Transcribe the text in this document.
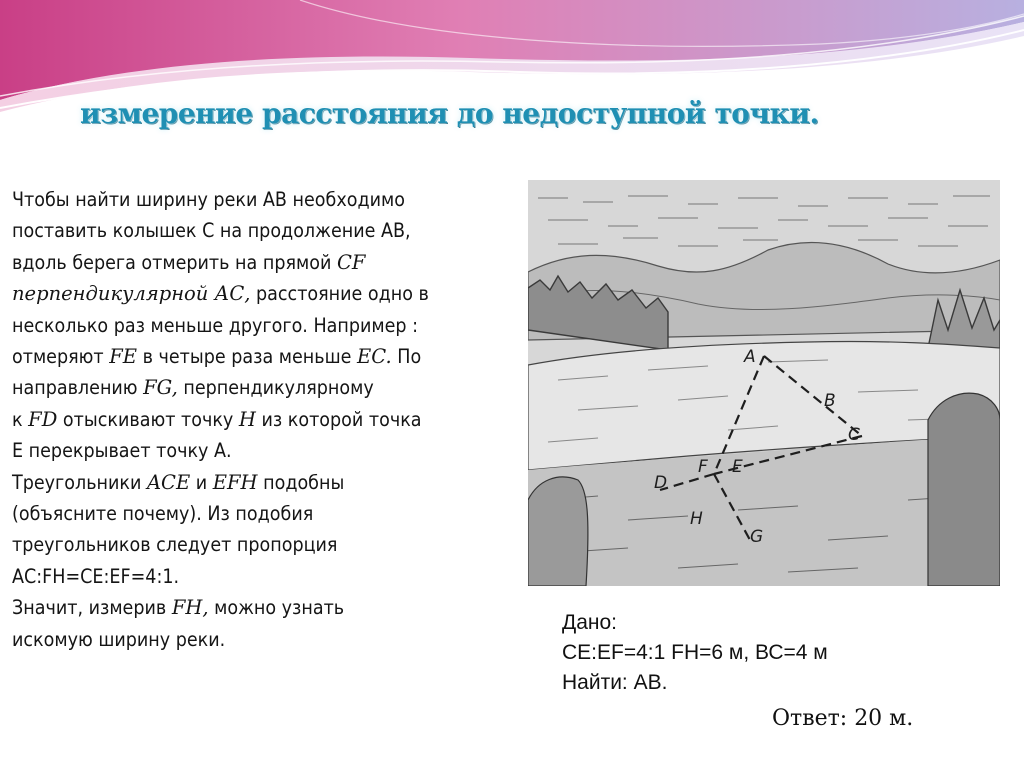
измерение расстояния до недоступной точки.
Чтобы найти ширину реки АВ необходимо
поставить колышек С на продолжение АВ,
вдоль берега отмерить на прямой CF
перпендикулярной АС, расстояние одно в
несколько раз меньше другого. Например :
отмеряют FE в четыре раза меньше EC. По
направлению FG, перпендикулярному
к FD отыскивают точку H из которой точка
Е перекрывает точку А.
Треугольники ACE и EFH подобны
(объясните почему). Из подобия
треугольников следует пропорция
АС:FH=СЕ:ЕF=4:1.
Значит, измерив FH, можно узнать
искомую ширину реки.
A
B
C
D
F E
H
G
Дано:
СЕ:ЕF=4:1 FH=6 м, ВС=4 м
Найти: АВ.
Ответ: 20 м.
